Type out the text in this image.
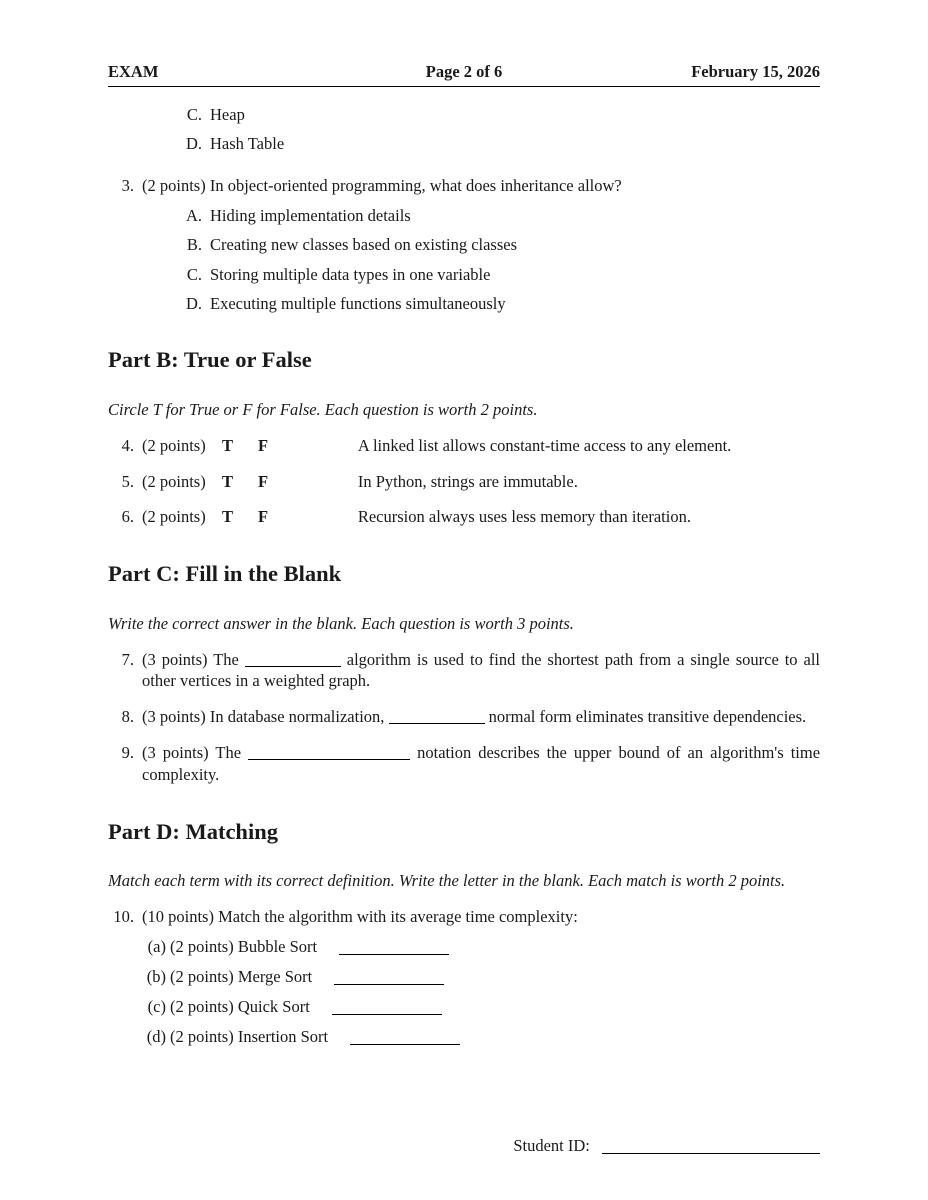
EXAM	Page 2 of 6	February 15, 2026
C. Heap
D. Hash Table
3. (2 points) In object-oriented programming, what does inheritance allow?
A. Hiding implementation details
B. Creating new classes based on existing classes
C. Storing multiple data types in one variable
D. Executing multiple functions simultaneously
Part B: True or False
Circle T for True or F for False. Each question is worth 2 points.
4. (2 points) T F	A linked list allows constant-time access to any element.
5. (2 points) T F	In Python, strings are immutable.
6. (2 points) T F	Recursion always uses less memory than iteration.
Part C: Fill in the Blank
Write the correct answer in the blank. Each question is worth 3 points.
7. (3 points) The	algorithm is used to find the shortest path from a single source to all other vertices in a weighted graph.
8. (3 points) In database normalization,	normal form eliminates transitive dependencies.
9. (3 points) The	notation describes the upper bound of an algorithm's time complexity.
Part D: Matching
Match each term with its correct definition. Write the letter in the blank. Each match is worth 2 points.
10. (10 points) Match the algorithm with its average time complexity:
(a) (2 points) Bubble Sort
(b) (2 points) Merge Sort
(c) (2 points) Quick Sort
(d) (2 points) Insertion Sort
Student ID:
